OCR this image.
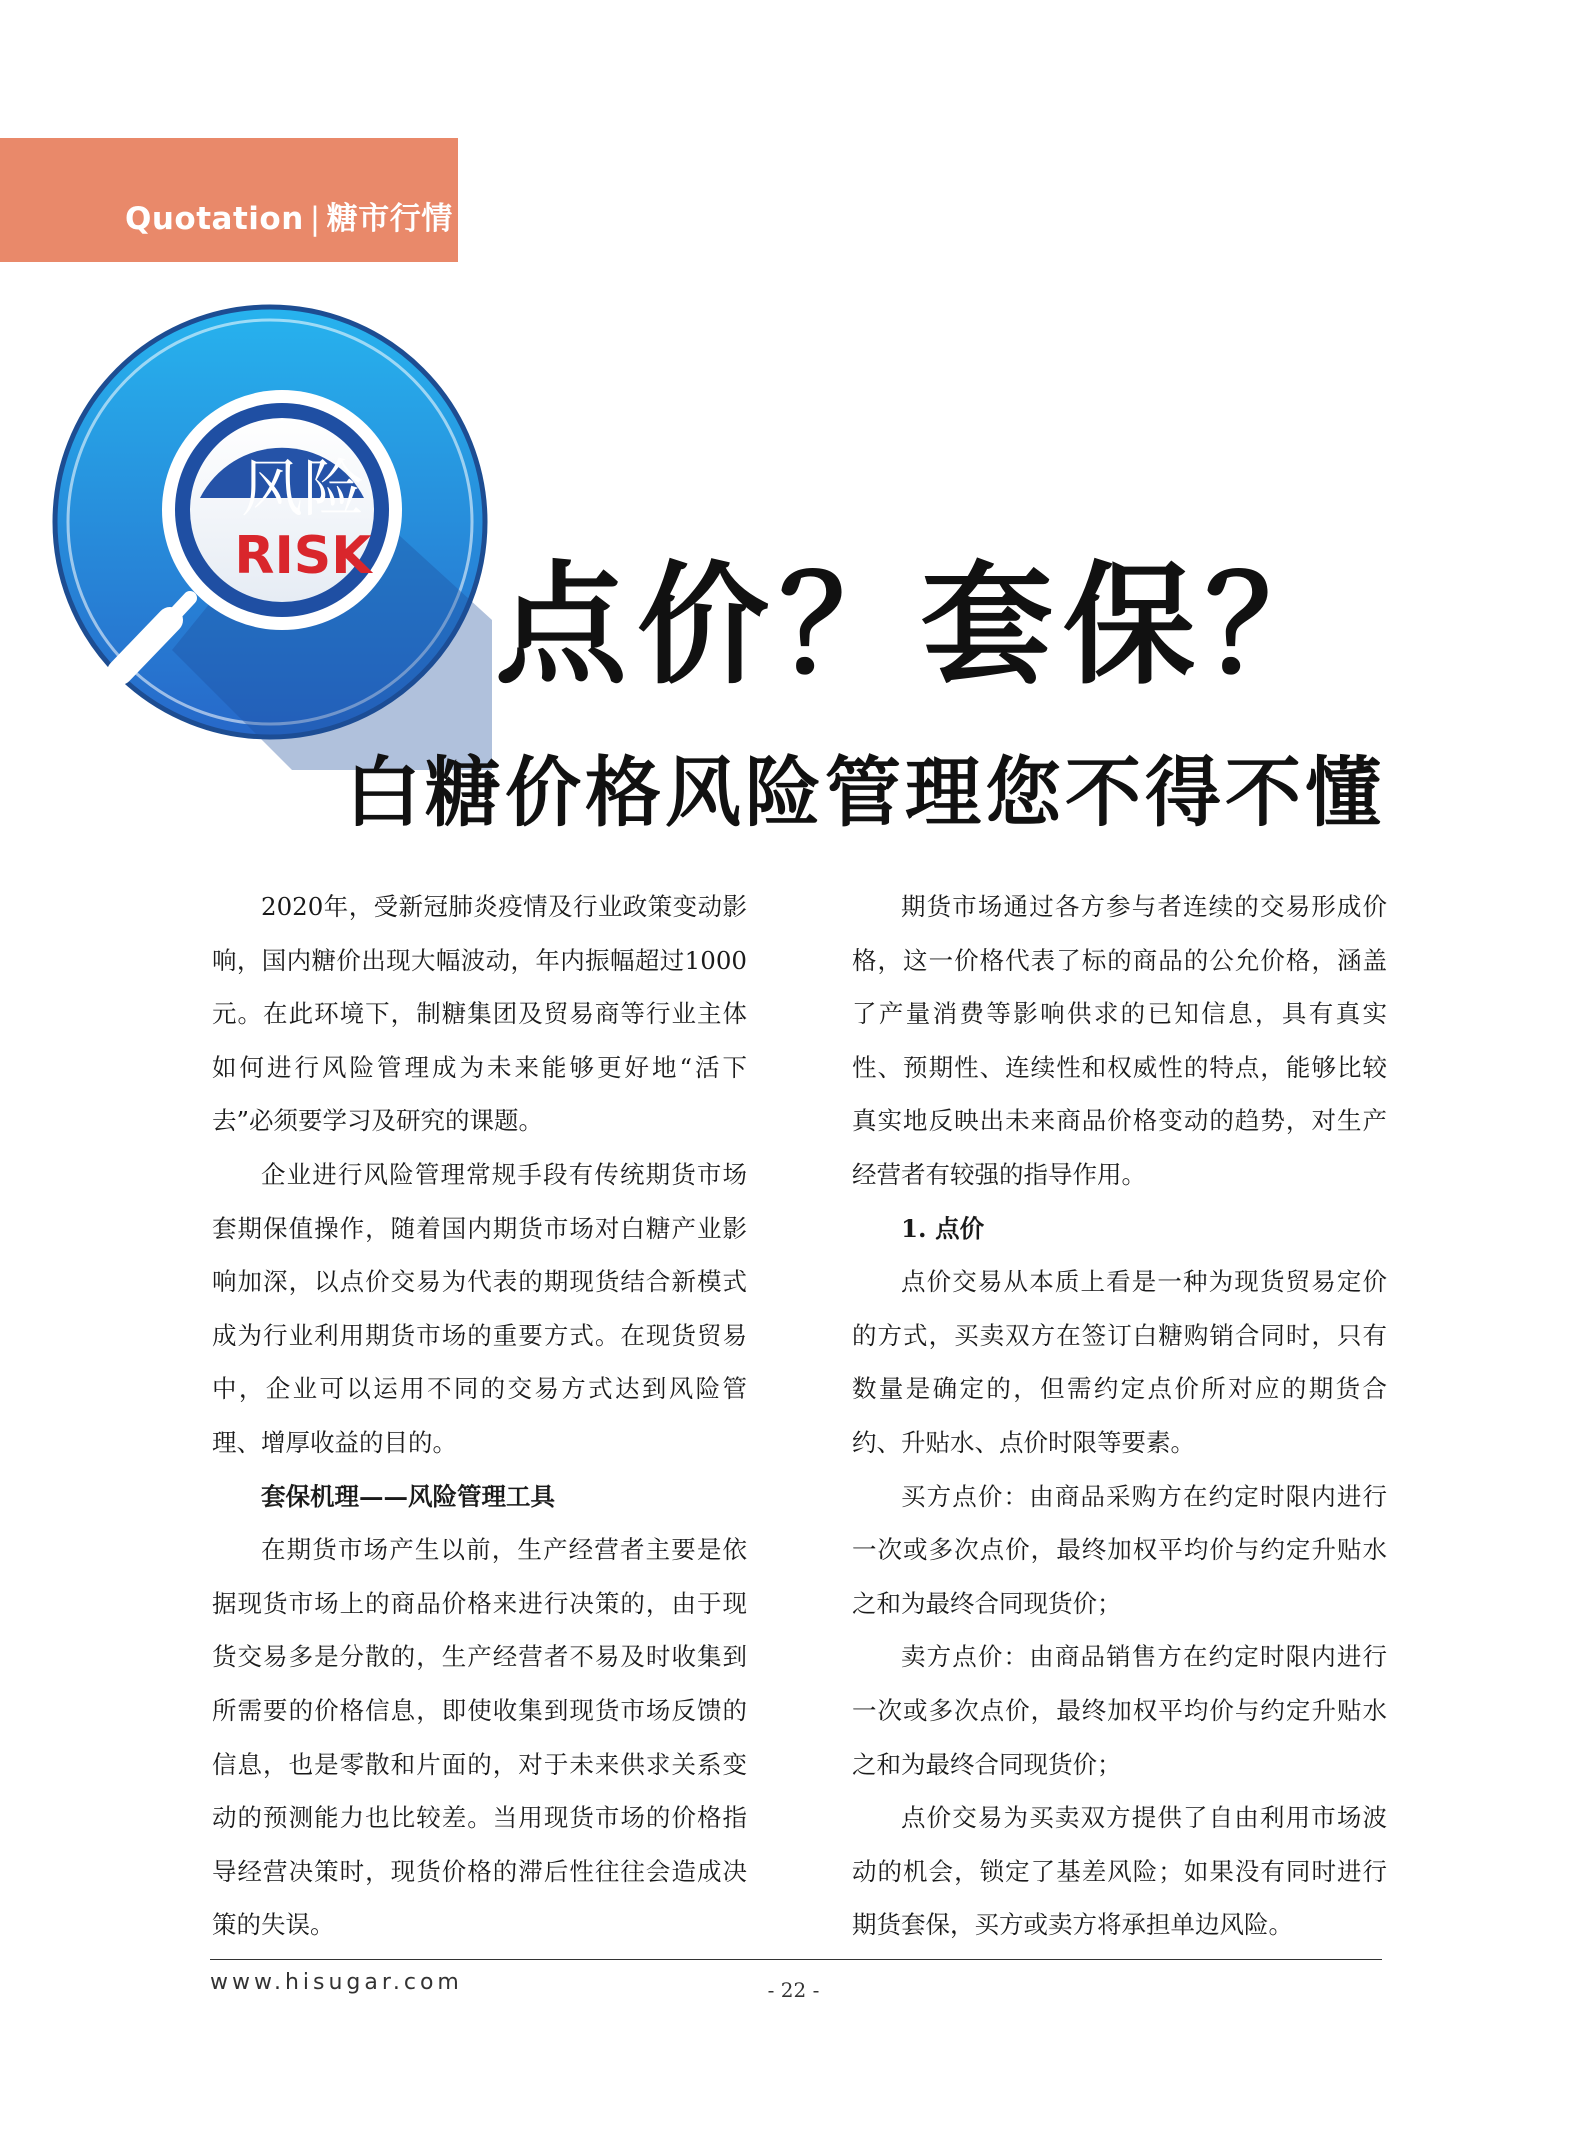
Quotation | 糖市行情
风险
RISK 点价？套保？
白糖价格风险管理您不得不懂

2020年，受新冠肺炎疫情及行业政策变动影响，国内糖价出现大幅波动，年内振幅超过1000元。在此环境下，制糖集团及贸易商等行业主体如何进行风险管理成为未来能够更好地“活下去”必须要学习及研究的课题。

企业进行风险管理常规手段有传统期货市场套期保值操作，随着国内期货市场对白糖产业影响加深，以点价交易为代表的期现货结合新模式成为行业利用期货市场的重要方式。在现货贸易中，企业可以运用不同的交易方式达到风险管理、增厚收益的目的。

套保机理——风险管理工具

在期货市场产生以前，生产经营者主要是依据现货市场上的商品价格来进行决策的，由于现货交易多是分散的，生产经营者不易及时收集到所需要的价格信息，即使收集到现货市场反馈的信息，也是零散和片面的，对于未来供求关系变动的预测能力也比较差。当用现货市场的价格指导经营决策时，现货价格的滞后性往往会造成决策的失误。

期货市场通过各方参与者连续的交易形成价格，这一价格代表了标的商品的公允价格，涵盖了产量消费等影响供求的已知信息，具有真实性、预期性、连续性和权威性的特点，能够比较真实地反映出未来商品价格变动的趋势，对生产经营者有较强的指导作用。

1. 点价

点价交易从本质上看是一种为现货贸易定价的方式，买卖双方在签订白糖购销合同时，只有数量是确定的，但需约定点价所对应的期货合约、升贴水、点价时限等要素。

买方点价：由商品采购方在约定时限内进行一次或多次点价，最终加权平均价与约定升贴水之和为最终合同现货价；

卖方点价：由商品销售方在约定时限内进行一次或多次点价，最终加权平均价与约定升贴水之和为最终合同现货价；

点价交易为买卖双方提供了自由利用市场波动的机会，锁定了基差风险；如果没有同时进行期货套保，买方或卖方将承担单边风险。

www.hisugar.com	- 22 -
